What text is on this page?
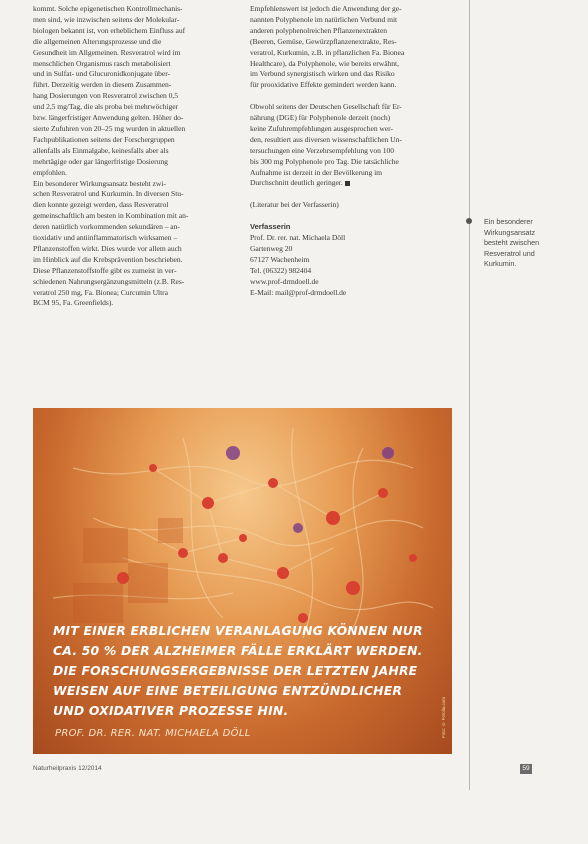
kommt. Solche epigenetischen Kontrollmechanis-

men sind, wie inzwischen seitens der Molekular-

biologen bekannt ist, von erheblichem Einfluss auf

die allgemeinen Alterungsprozesse und die

Gesundheit im Allgemeinen. Resveratrol wird im

menschlichen Organismus rasch metabolisiert

und in Sulfat- und Glucuronidkonjugate über-

führt. Derzeitig werden in diesem Zusammen-

hang Dosierungen von Resveratrol zwischen 0,5

und 2,5 mg/Tag, die als proba bei mehrwöchiger

bzw. längerfristiger Anwendung gelten. Höher do-

sierte Zufuhren von 20–25 mg wurden in aktuellen

Fachpublikationen seitens der Forschergruppen

allenfalls als Einmalgabe, keinesfalls aber als

mehrtägige oder gar längerfristige Dosierung

empfohlen.

Ein besonderer Wirkungsansatz besteht zwi-

schen Resveratrol und Kurkumin. In diversen Stu-

dien konnte gezeigt werden, dass Resveratrol

gemeinschaftlich am besten in Kombination mit an-

deren natürlich vorkommenden sekundären – an-

tioxidativ und antiinflammatorisch wirksamen –

Pflanzenstoffen wirkt. Dies wurde vor allem auch

im Hinblick auf die Krebsprävention beschrieben.

Diese Pflanzenstoffstoffe gibt es zumeist in ver-

schiedenen Nahrungsergänzungsmitteln (z.B. Res-

veratrol 250 mg, Fa. Bionea; Curcumin Ultra

BCM 95, Fa. Greenfields).

Empfehlenswert ist jedoch die Anwendung der ge-

nannten Polyphenole im natürlichen Verbund mit

anderen polyphenolreichen Pflanzenextrakten

(Beeren, Gemüse, Gewürzpflanzenextrakte, Res-

veratrol, Kurkumin, z.B. in pflanzlichen Fa. Bionea

Healthcare), da Polyphenole, wie bereits erwähnt,

im Verbund synergistisch wirken und das Risiko

für prooxidative Effekte gemindert werden kann.

Obwohl seitens der Deutschen Gesellschaft für Er-

nährung (DGE) für Polyphenole derzeit (noch)

keine Zufuhrempfehlungen ausgesprochen wer-

den, resultiert aus diversen wissenschaftlichen Un-

tersuchungen eine Verzehrsempfehlung von 100

bis 300 mg Polyphenole pro Tag. Die tatsächliche

Aufnahme ist derzeit in der Bevölkerung im

Durchschnitt deutlich geringer.

(Literatur bei der Verfasserin)

Verfasserin

Prof. Dr. rer. nat. Michaela Döll

Gartenweg 20

67127 Wachenheim

Tel. (06322) 982404

www.prof-drmdoell.de

E-Mail: mail@prof-drmdoell.de

Ein besonderer Wirkungsansatz besteht zwischen Resveratrol und Kurkumin.
MIT EINER ERBLICHEN VERANLAGUNG KÖNNEN NUR CA. 50 % DER ALZHEIMER FÄLLE ERKLÄRT WERDEN. DIE FORSCHUNGSERGEBNISSE DER LETZTEN JAHRE WEISEN AUF EINE BETEILIGUNG ENTZÜNDLICHER UND OXIDATIVER PROZESSE HIN.
PROF. DR. RER. NAT. MICHAELA DÖLL	Foto: © Fotolia.com
Naturheilpraxis 12/2014	59
